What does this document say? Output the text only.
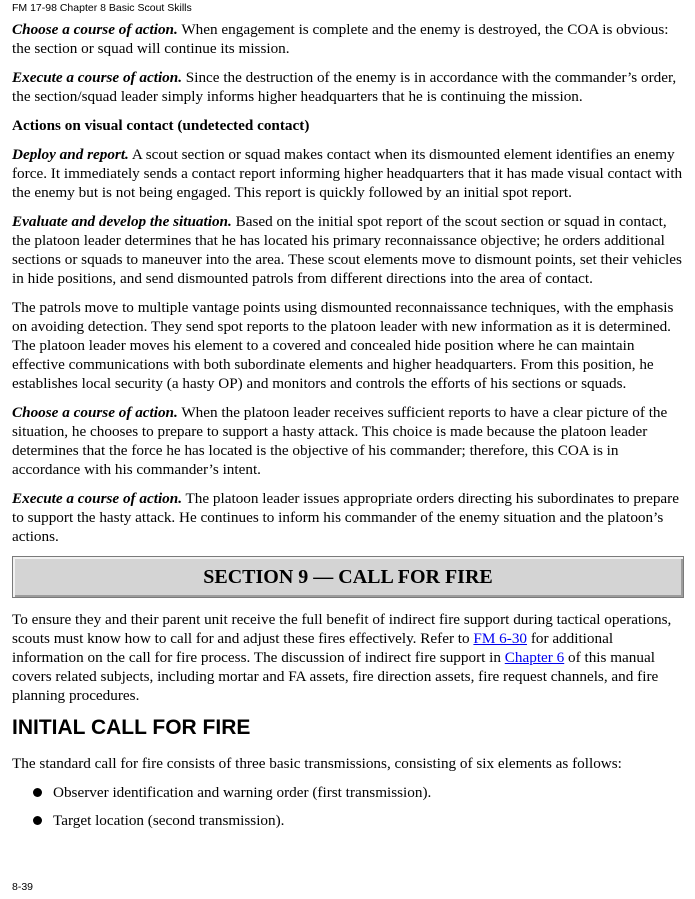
FM 17-98 Chapter 8 Basic Scout Skills

Choose a course of action. When engagement is complete and the enemy is destroyed, the COA is obvious: the section or squad will continue its mission.

Execute a course of action. Since the destruction of the enemy is in accordance with the commander’s order, the section/squad leader simply informs higher headquarters that he is continuing the mission.

Actions on visual contact (undetected contact)

Deploy and report. A scout section or squad makes contact when its dismounted element identifies an enemy force. It immediately sends a contact report informing higher headquarters that it has made visual contact with the enemy but is not being engaged. This report is quickly followed by an initial spot report.

Evaluate and develop the situation. Based on the initial spot report of the scout section or squad in contact, the platoon leader determines that he has located his primary reconnaissance objective; he orders additional sections or squads to maneuver into the area. These scout elements move to dismount points, set their vehicles in hide positions, and send dismounted patrols from different directions into the area of contact.

The patrols move to multiple vantage points using dismounted reconnaissance techniques, with the emphasis on avoiding detection. They send spot reports to the platoon leader with new information as it is determined. The platoon leader moves his element to a covered and concealed hide position where he can maintain effective communications with both subordinate elements and higher headquarters. From this position, he establishes local security (a hasty OP) and monitors and controls the efforts of his sections or squads.

Choose a course of action. When the platoon leader receives sufficient reports to have a clear picture of the situation, he chooses to prepare to support a hasty attack. This choice is made because the platoon leader determines that the force he has located is the objective of his commander; therefore, this COA is in accordance with his commander’s intent.

Execute a course of action. The platoon leader issues appropriate orders directing his subordinates to prepare to support the hasty attack. He continues to inform his commander of the enemy situation and the platoon’s actions.

SECTION 9 — CALL FOR FIRE

To ensure they and their parent unit receive the full benefit of indirect fire support during tactical operations, scouts must know how to call for and adjust these fires effectively. Refer to FM 6-30 for additional information on the call for fire process. The discussion of indirect fire support in Chapter 6 of this manual covers related subjects, including mortar and FA assets, fire direction assets, fire request channels, and fire planning procedures.

INITIAL CALL FOR FIRE

The standard call for fire consists of three basic transmissions, consisting of six elements as follows:

Observer identification and warning order (first transmission).
Target location (second transmission).
8-39
